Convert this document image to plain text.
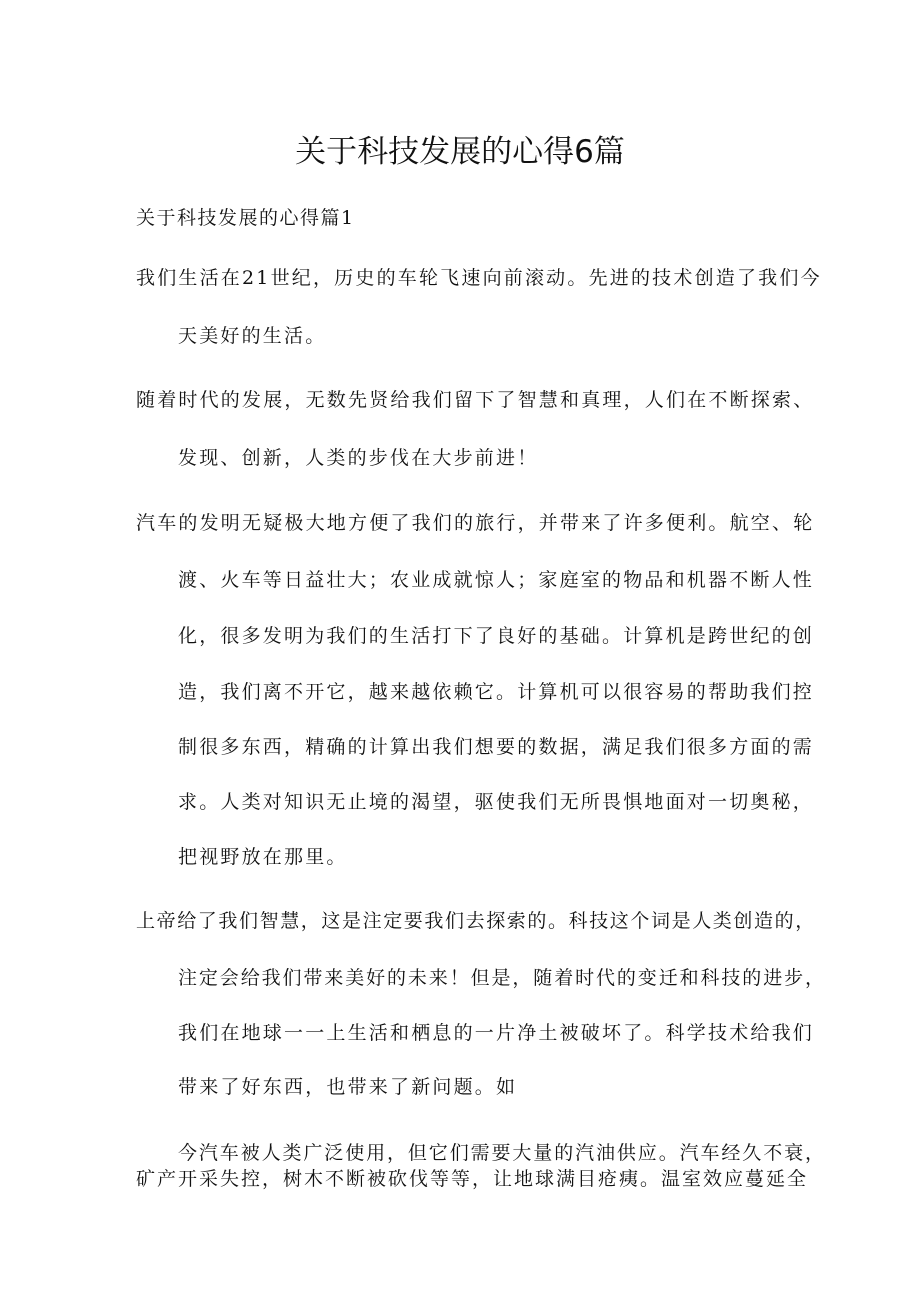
关于科技发展的心得6篇
关于科技发展的心得篇1
我们生活在21世纪，历史的车轮飞速向前滚动。先进的技术创造了我们今
天美好的生活。
随着时代的发展，无数先贤给我们留下了智慧和真理，人们在不断探索、
发现、创新，人类的步伐在大步前进！
汽车的发明无疑极大地方便了我们的旅行，并带来了许多便利。航空、轮
渡、火车等日益壮大；农业成就惊人；家庭室的物品和机器不断人性
化，很多发明为我们的生活打下了良好的基础。计算机是跨世纪的创
造，我们离不开它，越来越依赖它。计算机可以很容易的帮助我们控
制很多东西，精确的计算出我们想要的数据，满足我们很多方面的需
求。人类对知识无止境的渴望，驱使我们无所畏惧地面对一切奥秘，
把视野放在那里。
上帝给了我们智慧，这是注定要我们去探索的。科技这个词是人类创造的，
注定会给我们带来美好的未来！但是，随着时代的变迁和科技的进步，
我们在地球一一上生活和栖息的一片净土被破坏了。科学技术给我们
带来了好东西，也带来了新问题。如
今汽车被人类广泛使用，但它们需要大量的汽油供应。汽车经久不衰，
矿产开采失控，树木不断被砍伐等等，让地球满目疮痍。温室效应蔓延全
